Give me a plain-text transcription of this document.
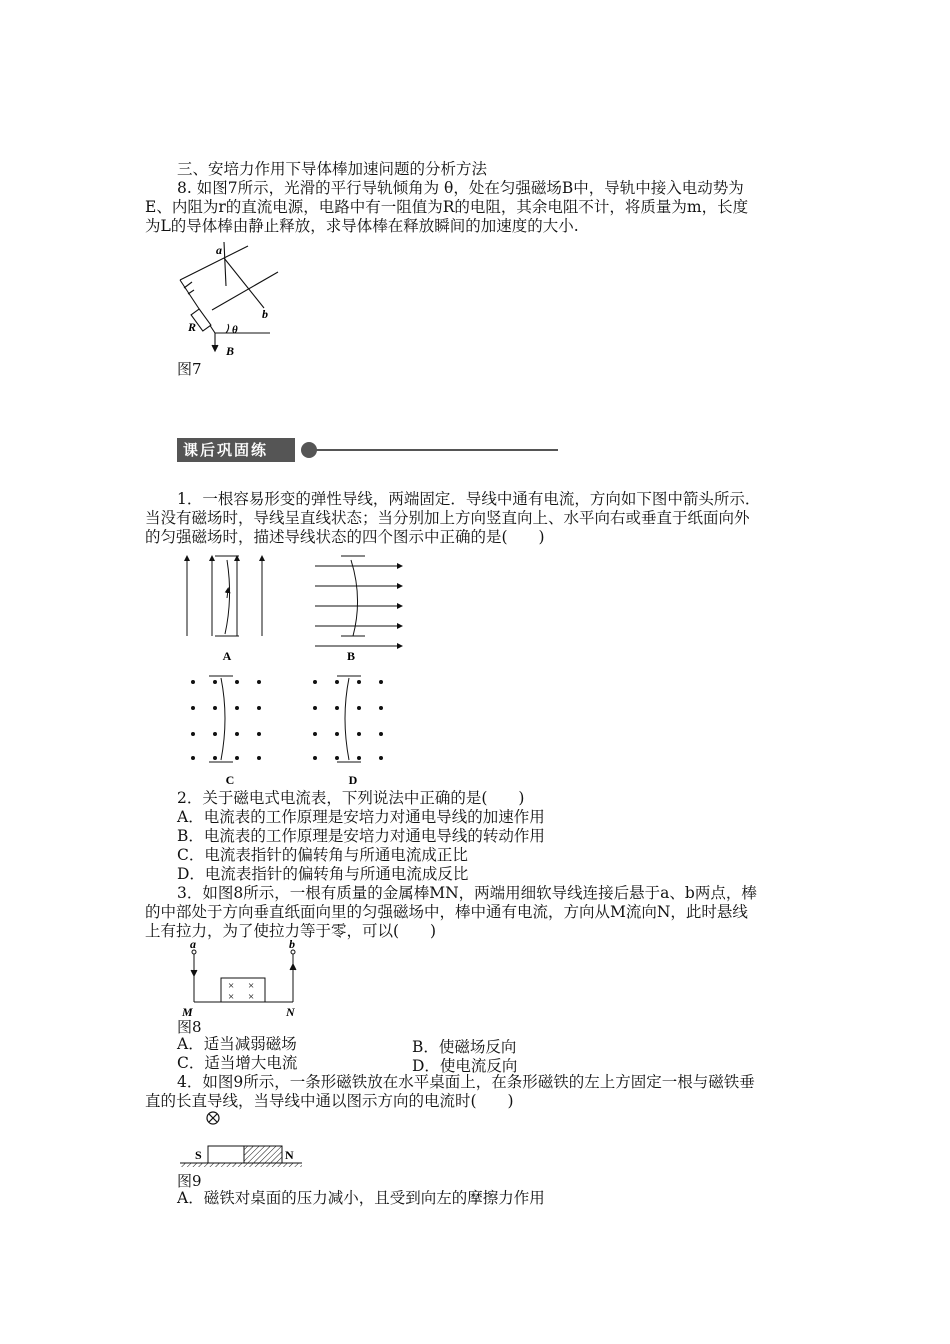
三、安培力作用下导体棒加速问题的分析方法
8. 如图7所示，光滑的平行导轨倾角为 θ，处在匀强磁场B中，导轨中接入电动势为
E、内阻为r的直流电源，电路中有一阻值为R的电阻，其余电阻不计，将质量为m，长度
为L的导体棒由静止释放，求导体棒在释放瞬间的加速度的大小.
a
b
R	θ
B
图7
课后巩固练
1．一根容易形变的弹性导线，两端固定．导线中通有电流，方向如下图中箭头所示．
当没有磁场时，导线呈直线状态；当分别加上方向竖直向上、水平向右或垂直于纸面向外
的匀强磁场时，描述导线状态的四个图示中正确的是(　　)
A	B
C	D
2．关于磁电式电流表，下列说法中正确的是(　　)
A．电流表的工作原理是安培力对通电导线的加速作用
B．电流表的工作原理是安培力对通电导线的转动作用
C．电流表指针的偏转角与所通电流成正比
D．电流表指针的偏转角与所通电流成反比
3．如图8所示，一根有质量的金属棒MN，两端用细软导线连接后悬于a、b两点，棒
的中部处于方向垂直纸面向里的匀强磁场中，棒中通有电流，方向从M流向N，此时悬线
上有拉力，为了使拉力等于零，可以(　　)
a	b
M	N
× ×
× ×
图8
A．适当减弱磁场	B．使磁场反向
C．适当增大电流	D．使电流反向
4．如图9所示，一条形磁铁放在水平桌面上，在条形磁铁的左上方固定一根与磁铁垂
直的长直导线，当导线中通以图示方向的电流时(　　)
S	N
图9
A．磁铁对桌面的压力减小，且受到向左的摩擦力作用
